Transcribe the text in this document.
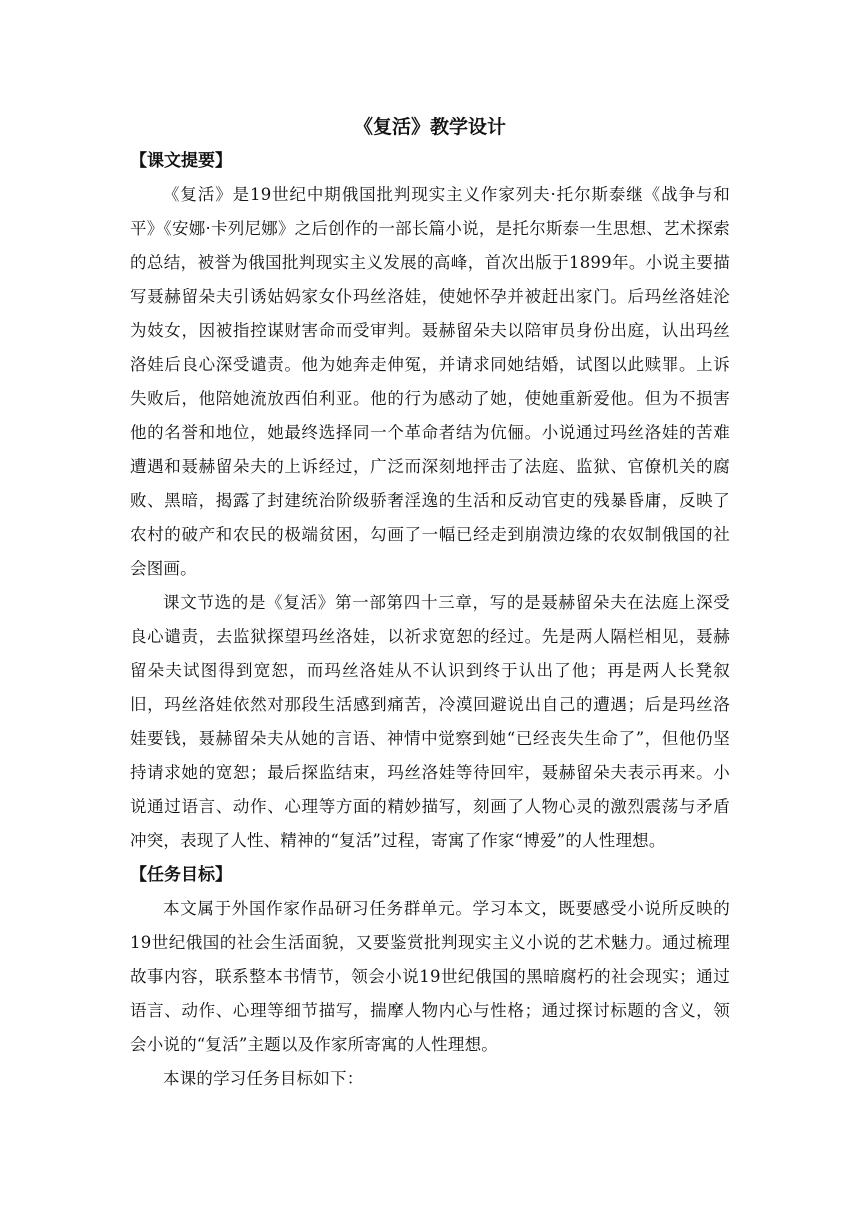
《复活》教学设计
【课文提要】

《复活》是19世纪中期俄国批判现实主义作家列夫·托尔斯泰继《战争与和平》《安娜·卡列尼娜》之后创作的一部长篇小说，是托尔斯泰一生思想、艺术探索的总结，被誉为俄国批判现实主义发展的高峰，首次出版于1899年。小说主要描写聂赫留朵夫引诱姑妈家女仆玛丝洛娃，使她怀孕并被赶出家门。后玛丝洛娃沦为妓女，因被指控谋财害命而受审判。聂赫留朵夫以陪审员身份出庭，认出玛丝洛娃后良心深受谴责。他为她奔走伸冤，并请求同她结婚，试图以此赎罪。上诉失败后，他陪她流放西伯利亚。他的行为感动了她，使她重新爱他。但为不损害他的名誉和地位，她最终选择同一个革命者结为伉俪。小说通过玛丝洛娃的苦难遭遇和聂赫留朵夫的上诉经过，广泛而深刻地抨击了法庭、监狱、官僚机关的腐败、黑暗，揭露了封建统治阶级骄奢淫逸的生活和反动官吏的残暴昏庸，反映了农村的破产和农民的极端贫困，勾画了一幅已经走到崩溃边缘的农奴制俄国的社会图画。

课文节选的是《复活》第一部第四十三章，写的是聂赫留朵夫在法庭上深受良心谴责，去监狱探望玛丝洛娃，以祈求宽恕的经过。先是两人隔栏相见，聂赫留朵夫试图得到宽恕，而玛丝洛娃从不认识到终于认出了他；再是两人长凳叙旧，玛丝洛娃依然对那段生活感到痛苦，冷漠回避说出自己的遭遇；后是玛丝洛娃要钱，聂赫留朵夫从她的言语、神情中觉察到她“已经丧失生命了”，但他仍坚持请求她的宽恕；最后探监结束，玛丝洛娃等待回牢，聂赫留朵夫表示再来。小说通过语言、动作、心理等方面的精妙描写，刻画了人物心灵的激烈震荡与矛盾冲突，表现了人性、精神的“复活”过程，寄寓了作家“博爱”的人性理想。

【任务目标】

本文属于外国作家作品研习任务群单元。学习本文，既要感受小说所反映的19世纪俄国的社会生活面貌，又要鉴赏批判现实主义小说的艺术魅力。通过梳理故事内容，联系整本书情节，领会小说19世纪俄国的黑暗腐朽的社会现实；通过语言、动作、心理等细节描写，揣摩人物内心与性格；通过探讨标题的含义，领会小说的“复活”主题以及作家所寄寓的人性理想。

本课的学习任务目标如下：
